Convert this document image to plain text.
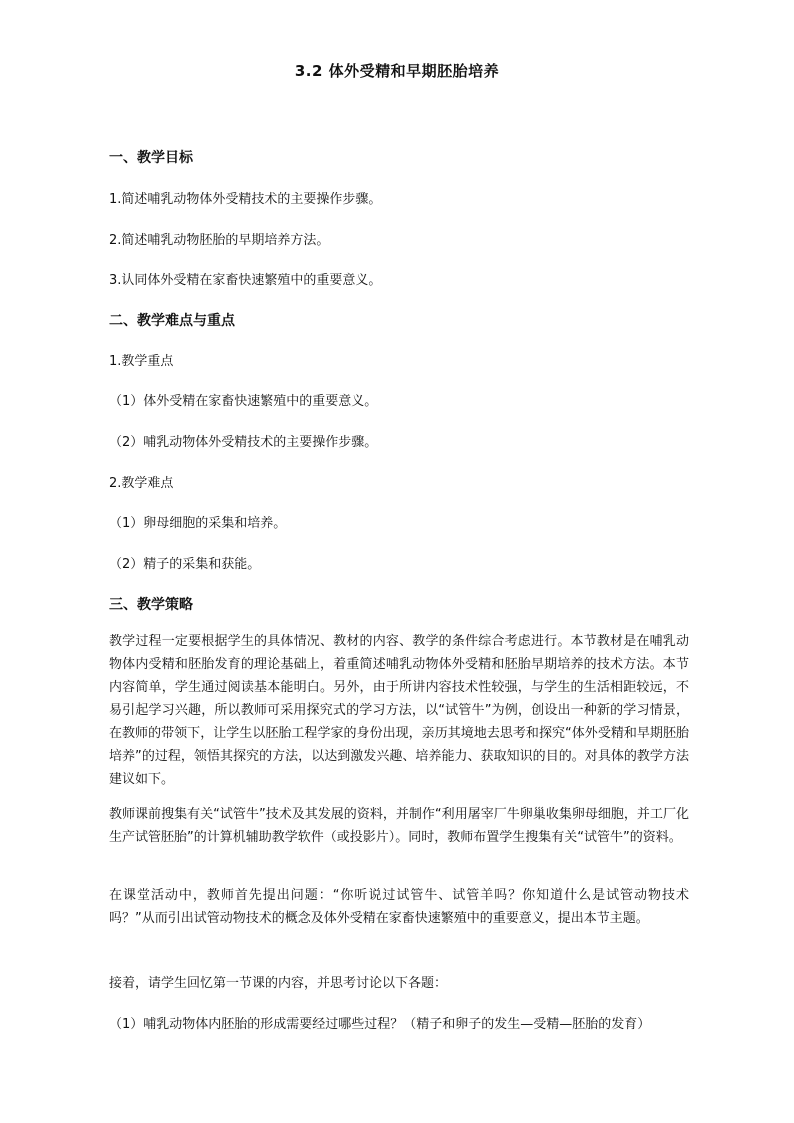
3.2 体外受精和早期胚胎培养
一、教学目标
1.简述哺乳动物体外受精技术的主要操作步骤。
2.简述哺乳动物胚胎的早期培养方法。
3.认同体外受精在家畜快速繁殖中的重要意义。
二、教学难点与重点
1.教学重点
（1）体外受精在家畜快速繁殖中的重要意义。
（2）哺乳动物体外受精技术的主要操作步骤。
2.教学难点
（1）卵母细胞的采集和培养。
（2）精子的采集和获能。
三、教学策略
教学过程一定要根据学生的具体情况、教材的内容、教学的条件综合考虑进行。本节教材是在哺乳动物体内受精和胚胎发育的理论基础上，着重简述哺乳动物体外受精和胚胎早期培养的技术方法。本节内容简单，学生通过阅读基本能明白。另外，由于所讲内容技术性较强，与学生的生活相距较远，不易引起学习兴趣，所以教师可采用探究式的学习方法，以“试管牛”为例，创设出一种新的学习情景，在教师的带领下，让学生以胚胎工程学家的身份出现，亲历其境地去思考和探究“体外受精和早期胚胎培养”的过程，领悟其探究的方法，以达到激发兴趣、培养能力、获取知识的目的。对具体的教学方法建议如下。
教师课前搜集有关“试管牛”技术及其发展的资料，并制作“利用屠宰厂牛卵巢收集卵母细胞，并工厂化生产试管胚胎”的计算机辅助教学软件（或投影片）。同时，教师布置学生搜集有关“试管牛”的资料。
在课堂活动中，教师首先提出问题：“你听说过试管牛、试管羊吗？你知道什么是试管动物技术吗？”从而引出试管动物技术的概念及体外受精在家畜快速繁殖中的重要意义，提出本节主题。
接着，请学生回忆第一节课的内容，并思考讨论以下各题：
（1）哺乳动物体内胚胎的形成需要经过哪些过程？（精子和卵子的发生—受精—胚胎的发育）
